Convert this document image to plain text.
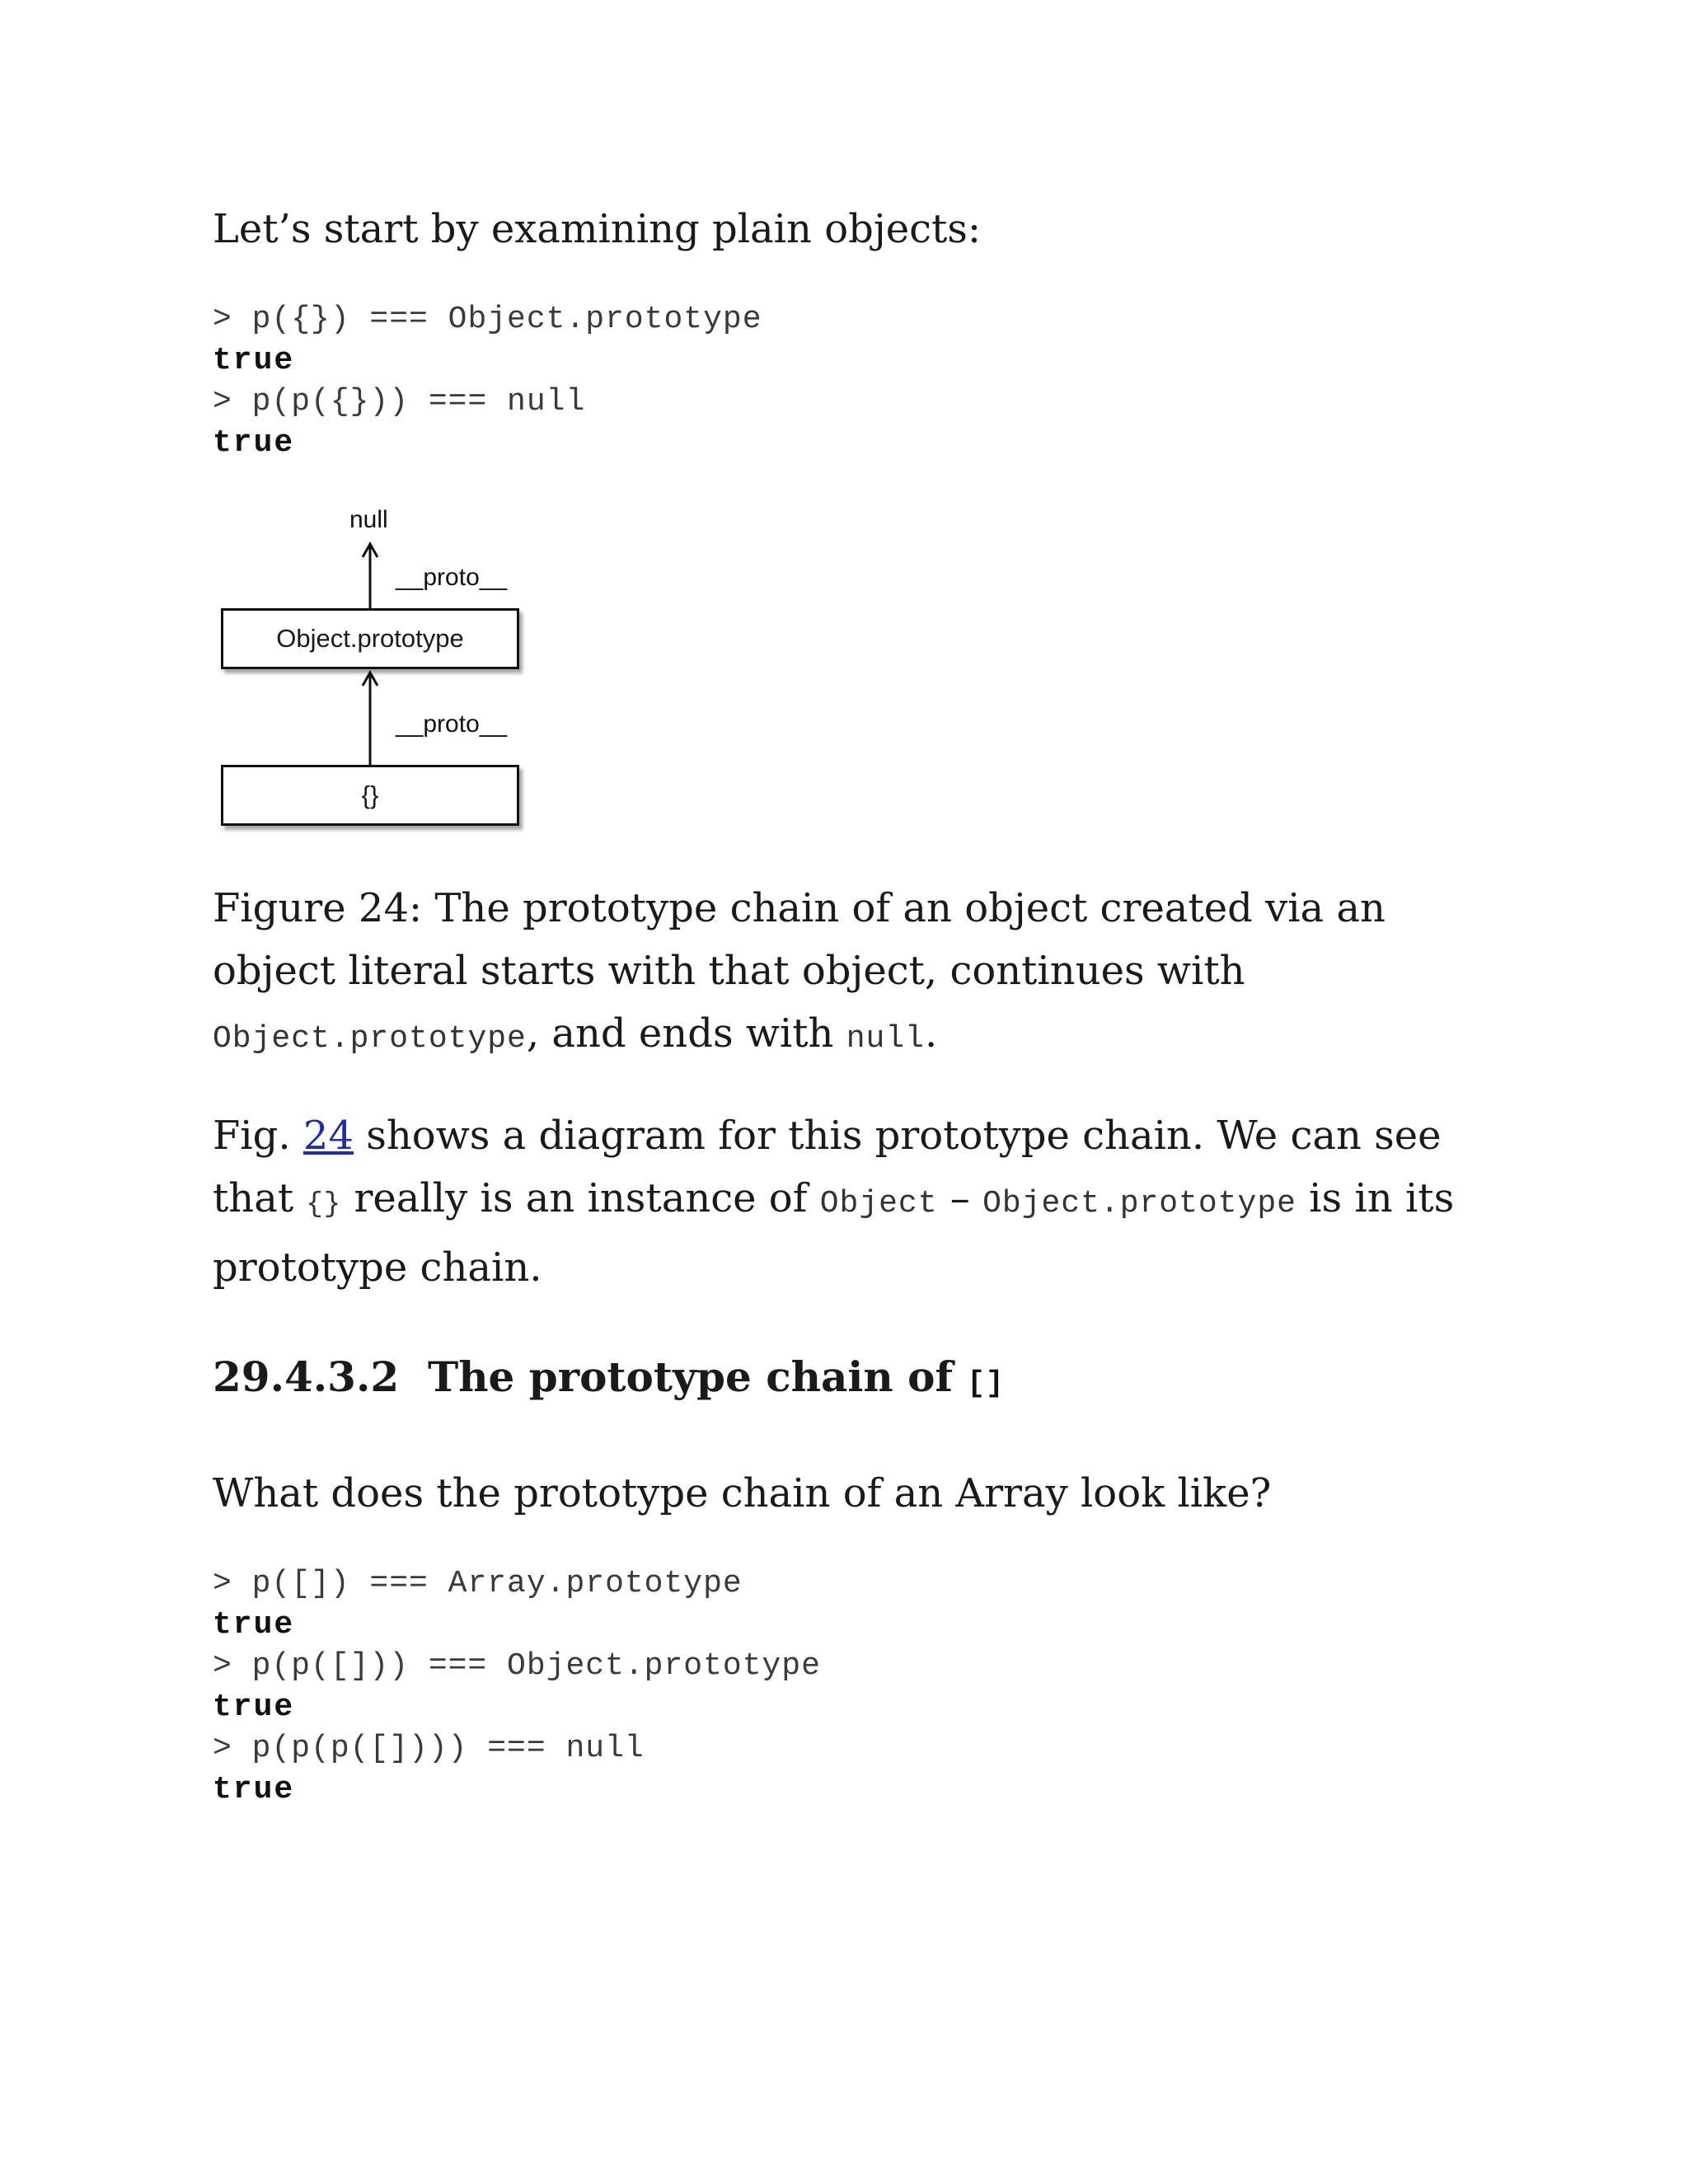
Let’s start by examining plain objects:
> p({}) === Object.prototype
true
> p(p({})) === null
true
null
__proto__
Object.prototype
__proto__
{}
Figure 24: The prototype chain of an object created via an object literal starts with that object, continues with Object.prototype, and ends with null.
Fig. 24 shows a diagram for this prototype chain. We can see that {} really is an instance of Object – Object.prototype is in its prototype chain.
29.4.3.2 The prototype chain of []
What does the prototype chain of an Array look like?
> p([]) === Array.prototype
true
> p(p([])) === Object.prototype
true
> p(p(p([]))) === null
true
